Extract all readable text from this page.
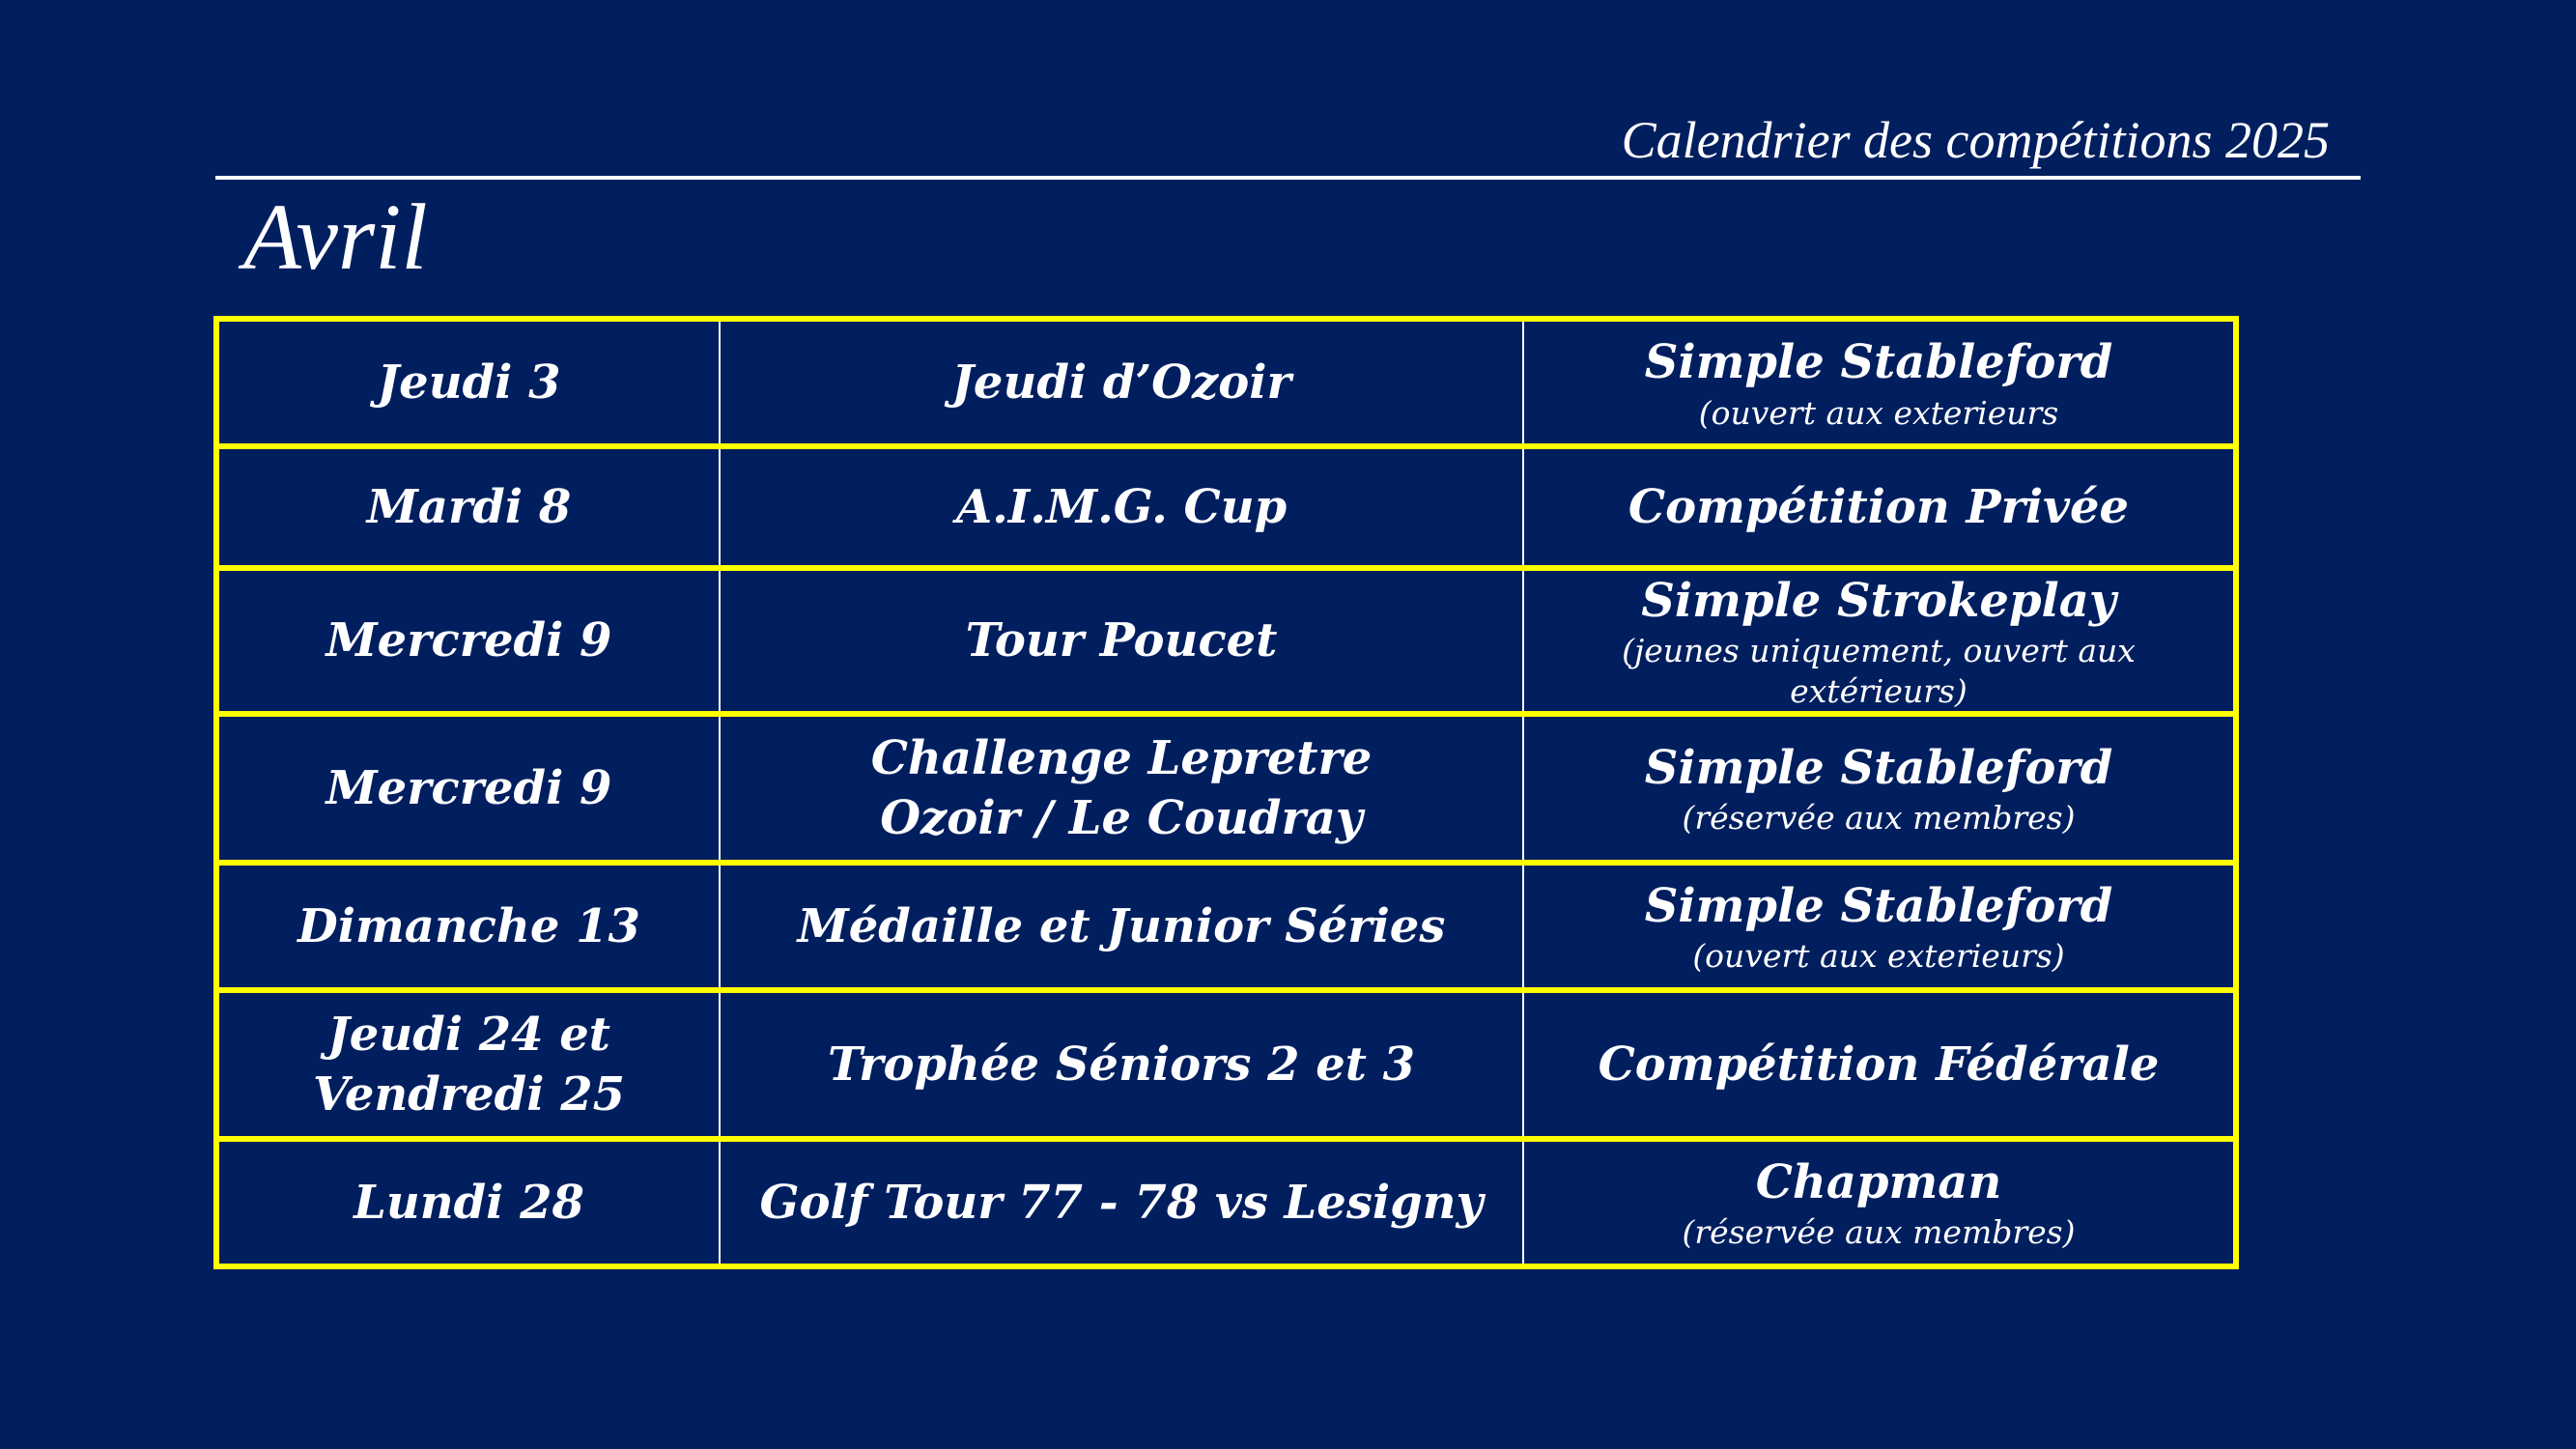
Calendrier des compétitions 2025
Avril
Jeudi 3	Jeudi d’Ozoir	Simple Stableford
(ouvert aux exterieurs

Mardi 8	A.I.M.G. Cup	Compétition Privée

Mercredi 9	Tour Poucet	Simple Strokeplay
(jeunes uniquement, ouvert aux extérieurs)

Mercredi 9	Challenge Lepretre
Ozoir / Le Coudray	Simple Stableford
(réservée aux membres)

Dimanche 13	Médaille et Junior Séries	Simple Stableford
(ouvert aux exterieurs)

Jeudi 24 et
Vendredi 25	Trophée Séniors 2 et 3	Compétition Fédérale

Lundi 28	Golf Tour 77 - 78 vs Lesigny	Chapman
(réservée aux membres)
